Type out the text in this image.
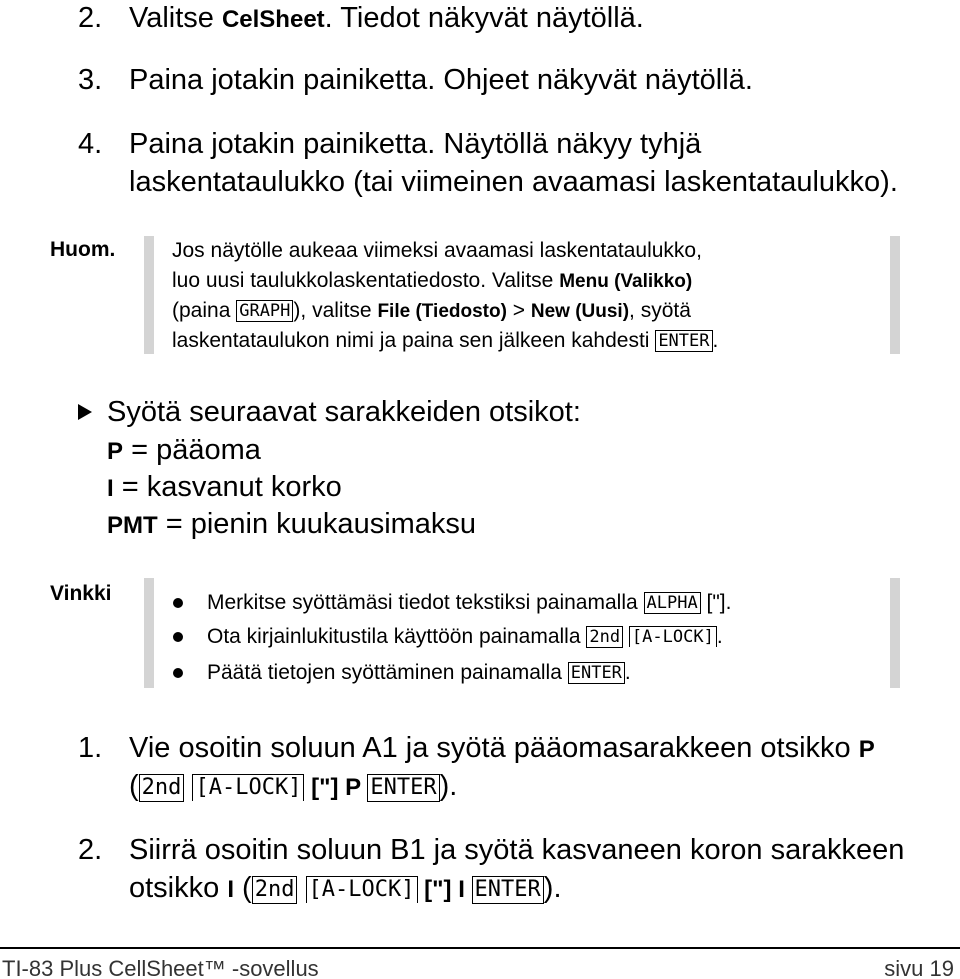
2. Valitse CelSheet. Tiedot näkyvät näytöllä.
3. Paina jotakin painiketta. Ohjeet näkyvät näytöllä.
4. Paina jotakin painiketta. Näytöllä näkyy tyhjä
laskentataulukko (tai viimeinen avaamasi laskentataulukko).
Huom.	Jos näytölle aukeaa viimeksi avaamasi laskentataulukko,
luo uusi taulukkolaskentatiedosto. Valitse Menu (Valikko)
(paina GRAPH ), valitse File (Tiedosto) > New (Uusi), syötä
laskentataulukon nimi ja paina sen jälkeen kahdesti ENTER .
Syötä seuraavat sarakkeiden otsikot:
P = pääoma
I = kasvanut korko
PMT = pienin kuukausimaksu
Vinkki	Merkitse syöttämäsi tiedot tekstiksi painamalla ALPHA ["].
Ota kirjainlukitustila käyttöön painamalla 2nd [A-LOCK] .
Päätä tietojen syöttäminen painamalla ENTER .
1. Vie osoitin soluun A1 ja syötä pääomasarakkeen otsikko P
( 2nd [A-LOCK] ["] P ENTER ).
2. Siirrä osoitin soluun B1 ja syötä kasvaneen koron sarakkeen
otsikko I ( 2nd [A-LOCK] ["] I ENTER ).
TI-83 Plus CellSheet™ -sovellus	sivu 19
